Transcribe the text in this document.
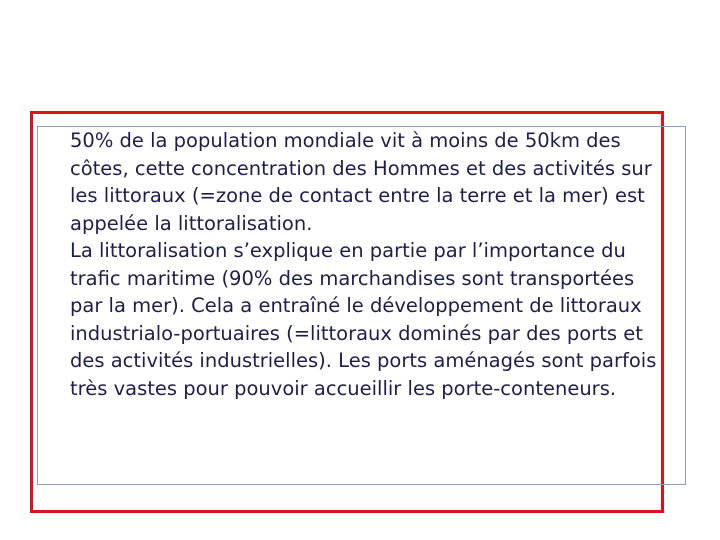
50% de la population mondiale vit à moins de 50km des côtes, cette concentration des Hommes et des activités sur les littoraux (=zone de contact entre la terre et la mer) est appelée la littoralisation.

La littoralisation s’explique en partie par l’importance du trafic maritime (90% des marchandises sont transportées par la mer). Cela a entraîné le développement de littoraux industrialo-portuaires (=littoraux dominés par des ports et des activités industrielles). Les ports aménagés sont parfois très vastes pour pouvoir accueillir les porte-conteneurs.
